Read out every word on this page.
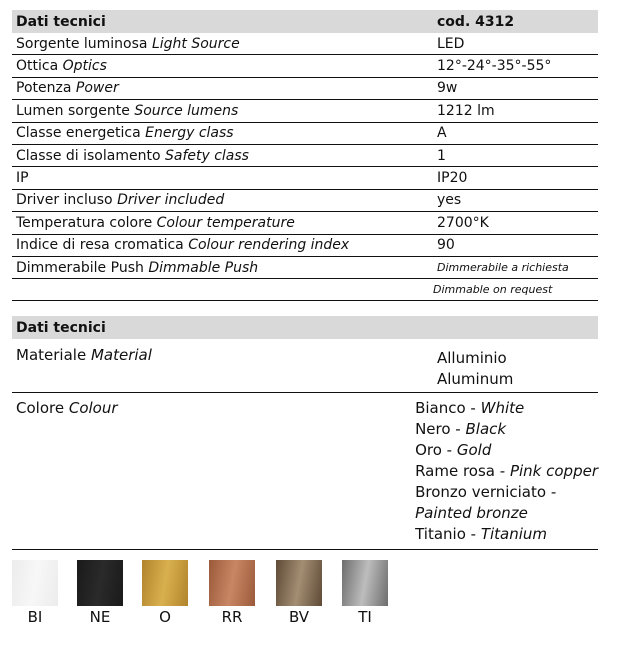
Dati tecnici	cod. 4312
Sorgente luminosa Light Source	LED
Ottica Optics	12°-24°-35°-55°
Potenza Power	9w
Lumen sorgente Source lumens	1212 lm
Classe energetica Energy class	A
Classe di isolamento Safety class	1
IP	IP20
Driver incluso Driver included	yes
Temperatura colore Colour temperature	2700°K
Indice di resa cromatica Colour rendering index	90
Dimmerabile Push Dimmable Push	Dimmerabile a richiesta
Dimmable on request
Dati tecnici
Materiale Material	Alluminio
Aluminum
Colore Colour	Bianco - White
Nero - Black
Oro - Gold
Rame rosa - Pink copper
Bronzo verniciato -
Painted bronze
Titanio - Titanium
BI	NE	O	RR	BV	TI
